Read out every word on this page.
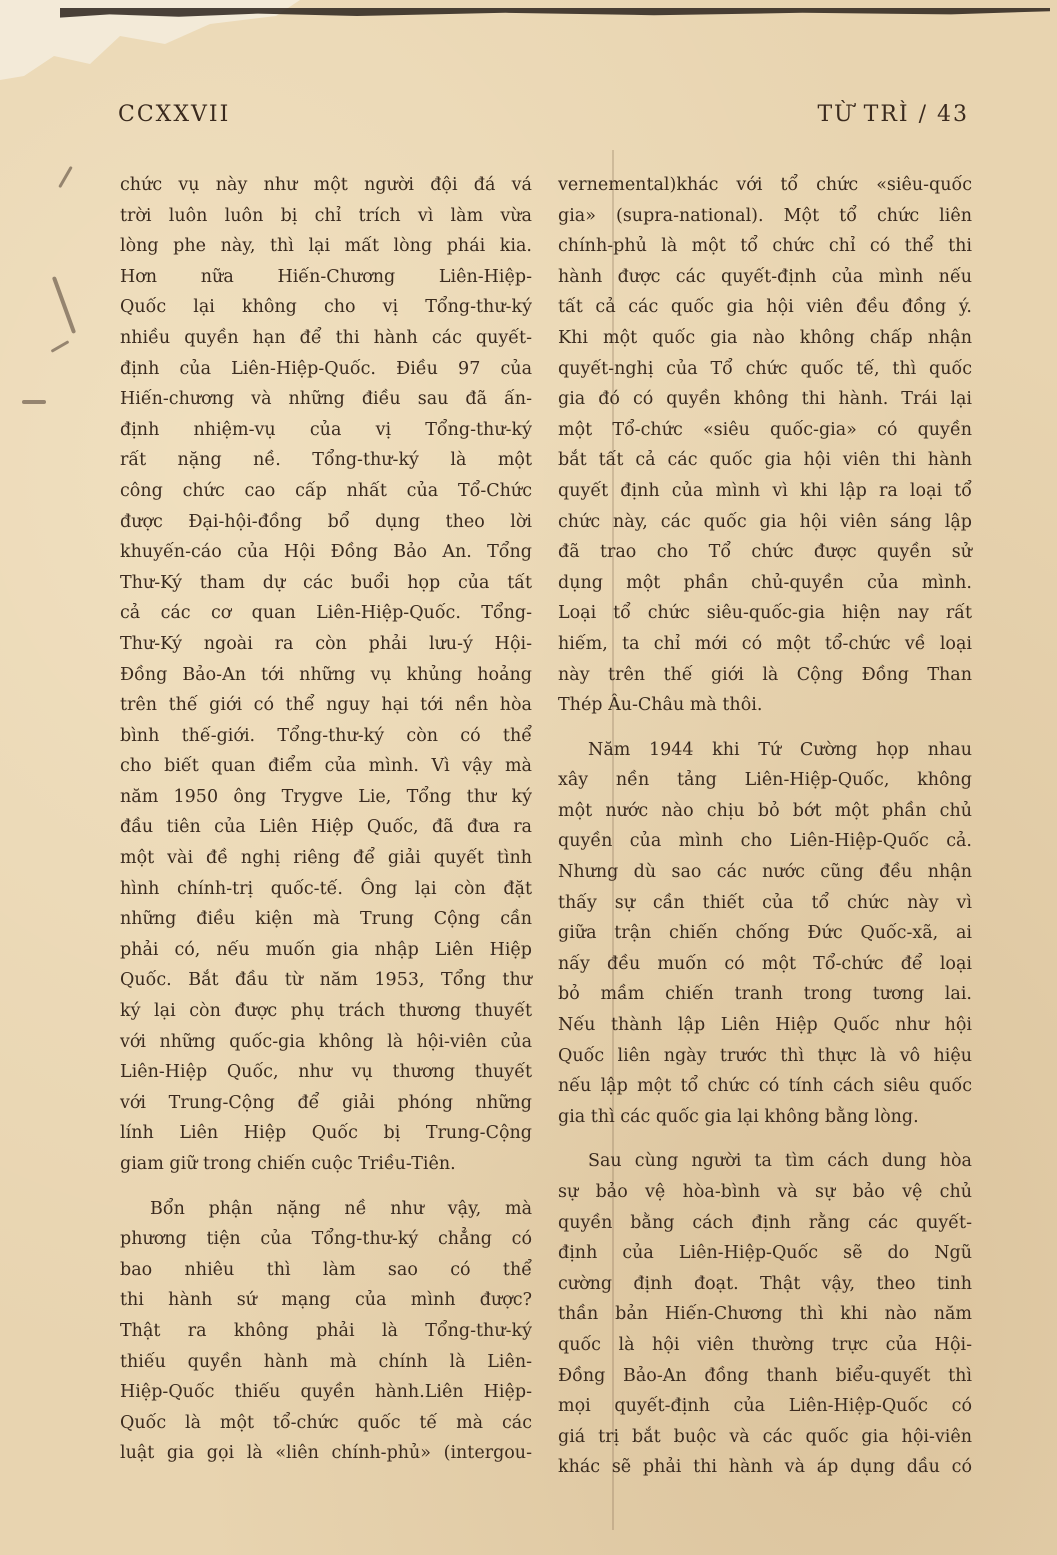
CCXXVII	TỪ TRÌ / 43
chức vụ này như một người đội đá vá
trời luôn luôn bị chỉ trích vì làm vừa
lòng phe này, thì lại mất lòng phái kia.
Hơn nữa Hiến-Chương Liên-Hiệp-
Quốc lại không cho vị Tổng-thư-ký
nhiều quyền hạn để thi hành các quyết-
định của Liên-Hiệp-Quốc. Điều 97 của
Hiến-chương và những điều sau đã ấn-
định nhiệm-vụ của vị Tổng-thư-ký
rất nặng nề. Tổng-thư-ký là một
công chức cao cấp nhất của Tổ-Chức
được Đại-hội-đồng bổ dụng theo lời
khuyến-cáo của Hội Đồng Bảo An. Tổng
Thư-Ký tham dự các buổi họp của tất
cả các cơ quan Liên-Hiệp-Quốc. Tổng-
Thư-Ký ngoài ra còn phải lưu-ý Hội-
Đồng Bảo-An tới những vụ khủng hoảng
trên thế giới có thể nguy hại tới nền hòa
bình thế-giới. Tổng-thư-ký còn có thể
cho biết quan điểm của mình. Vì vậy mà
năm 1950 ông Trygve Lie, Tổng thư ký
đầu tiên của Liên Hiệp Quốc, đã đưa ra
một vài đề nghị riêng để giải quyết tình
hình chính-trị quốc-tế. Ông lại còn đặt
những điều kiện mà Trung Cộng cần
phải có, nếu muốn gia nhập Liên Hiệp
Quốc. Bắt đầu từ năm 1953, Tổng thư
ký lại còn được phụ trách thương thuyết
với những quốc-gia không là hội-viên của
Liên-Hiệp Quốc, như vụ thương thuyết
với Trung-Cộng để giải phóng những
lính Liên Hiệp Quốc bị Trung-Cộng
giam giữ trong chiến cuộc Triều-Tiên.
Bổn phận nặng nề như vậy, mà
phương tiện của Tổng-thư-ký chẳng có
bao nhiêu thì làm sao có thể
thi hành sứ mạng của mình được?
Thật ra không phải là Tổng-thư-ký
thiếu quyền hành mà chính là Liên-
Hiệp-Quốc thiếu quyền hành.Liên Hiệp-
Quốc là một tổ-chức quốc tế mà các
luật gia gọi là «liên chính-phủ» (intergou-
vernemental)khác với tổ chức «siêu-quốc
gia» (supra-national). Một tổ chức liên
chính-phủ là một tổ chức chỉ có thể thi
hành được các quyết-định của mình nếu
tất cả các quốc gia hội viên đều đồng ý.
Khi một quốc gia nào không chấp nhận
quyết-nghị của Tổ chức quốc tế, thì quốc
gia đó có quyền không thi hành. Trái lại
một Tổ-chức «siêu quốc-gia» có quyền
bắt tất cả các quốc gia hội viên thi hành
quyết định của mình vì khi lập ra loại tổ
chức này, các quốc gia hội viên sáng lập
đã trao cho Tổ chức được quyền sử
dụng một phần chủ-quyền của mình.
Loại tổ chức siêu-quốc-gia hiện nay rất
hiếm, ta chỉ mới có một tổ-chức về loại
này trên thế giới là Cộng Đồng Than
Thép Âu-Châu mà thôi.
Năm 1944 khi Tứ Cường họp nhau
xây nền tảng Liên-Hiệp-Quốc, không
một nước nào chịu bỏ bớt một phần chủ
quyền của mình cho Liên-Hiệp-Quốc cả.
Nhưng dù sao các nước cũng đều nhận
thấy sự cần thiết của tổ chức này vì
giữa trận chiến chống Đức Quốc-xã, ai
nấy đều muốn có một Tổ-chức để loại
bỏ mầm chiến tranh trong tương lai.
Nếu thành lập Liên Hiệp Quốc như hội
Quốc liên ngày trước thì thực là vô hiệu
nếu lập một tổ chức có tính cách siêu quốc
gia thì các quốc gia lại không bằng lòng.
Sau cùng người ta tìm cách dung hòa
sự bảo vệ hòa-bình và sự bảo vệ chủ
quyền bằng cách định rằng các quyết-
định của Liên-Hiệp-Quốc sẽ do Ngũ
cường định đoạt. Thật vậy, theo tinh
thần bản Hiến-Chương thì khi nào năm
quốc là hội viên thường trực của Hội-
Đồng Bảo-An đồng thanh biểu-quyết thì
mọi quyết-định của Liên-Hiệp-Quốc có
giá trị bắt buộc và các quốc gia hội-viên
khác sẽ phải thi hành và áp dụng dầu có
